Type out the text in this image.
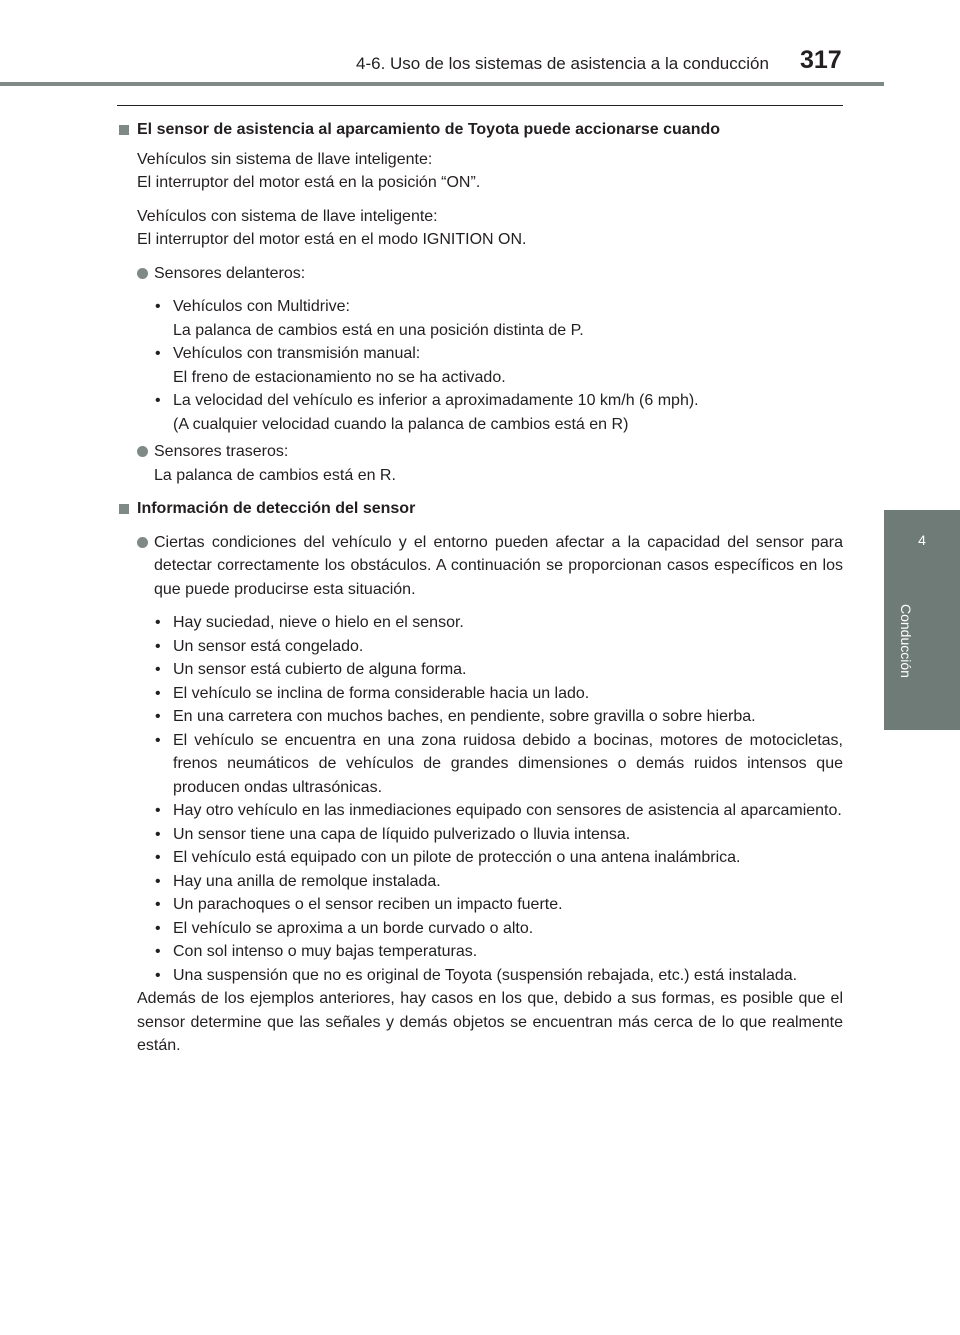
4-6. Uso de los sistemas de asistencia a la conducción 317
4
Conducción
El sensor de asistencia al aparcamiento de Toyota puede accionarse cuando
Vehículos sin sistema de llave inteligente:
El interruptor del motor está en la posición “ON”.
Vehículos con sistema de llave inteligente:
El interruptor del motor está en el modo IGNITION ON.
Sensores delanteros:
• Vehículos con Multidrive:
La palanca de cambios está en una posición distinta de P.
• Vehículos con transmisión manual:
El freno de estacionamiento no se ha activado.
• La velocidad del vehículo es inferior a aproximadamente 10 km/h (6 mph).
(A cualquier velocidad cuando la palanca de cambios está en R)
Sensores traseros:
La palanca de cambios está en R.
Información de detección del sensor
Ciertas condiciones del vehículo y el entorno pueden afectar a la capacidad del sensor para detectar correctamente los obstáculos. A continuación se proporcionan casos específicos en los que puede producirse esta situación.
• Hay suciedad, nieve o hielo en el sensor.
• Un sensor está congelado.
• Un sensor está cubierto de alguna forma.
• El vehículo se inclina de forma considerable hacia un lado.
• En una carretera con muchos baches, en pendiente, sobre gravilla o sobre hierba.
• El vehículo se encuentra en una zona ruidosa debido a bocinas, motores de motocicletas, frenos neumáticos de vehículos de grandes dimensiones o demás ruidos intensos que producen ondas ultrasónicas.
• Hay otro vehículo en las inmediaciones equipado con sensores de asistencia al aparcamiento.
• Un sensor tiene una capa de líquido pulverizado o lluvia intensa.
• El vehículo está equipado con un pilote de protección o una antena inalámbrica.
• Hay una anilla de remolque instalada.
• Un parachoques o el sensor reciben un impacto fuerte.
• El vehículo se aproxima a un borde curvado o alto.
• Con sol intenso o muy bajas temperaturas.
• Una suspensión que no es original de Toyota (suspensión rebajada, etc.) está instalada.
Además de los ejemplos anteriores, hay casos en los que, debido a sus formas, es posible que el sensor determine que las señales y demás objetos se encuentran más cerca de lo que realmente están.
